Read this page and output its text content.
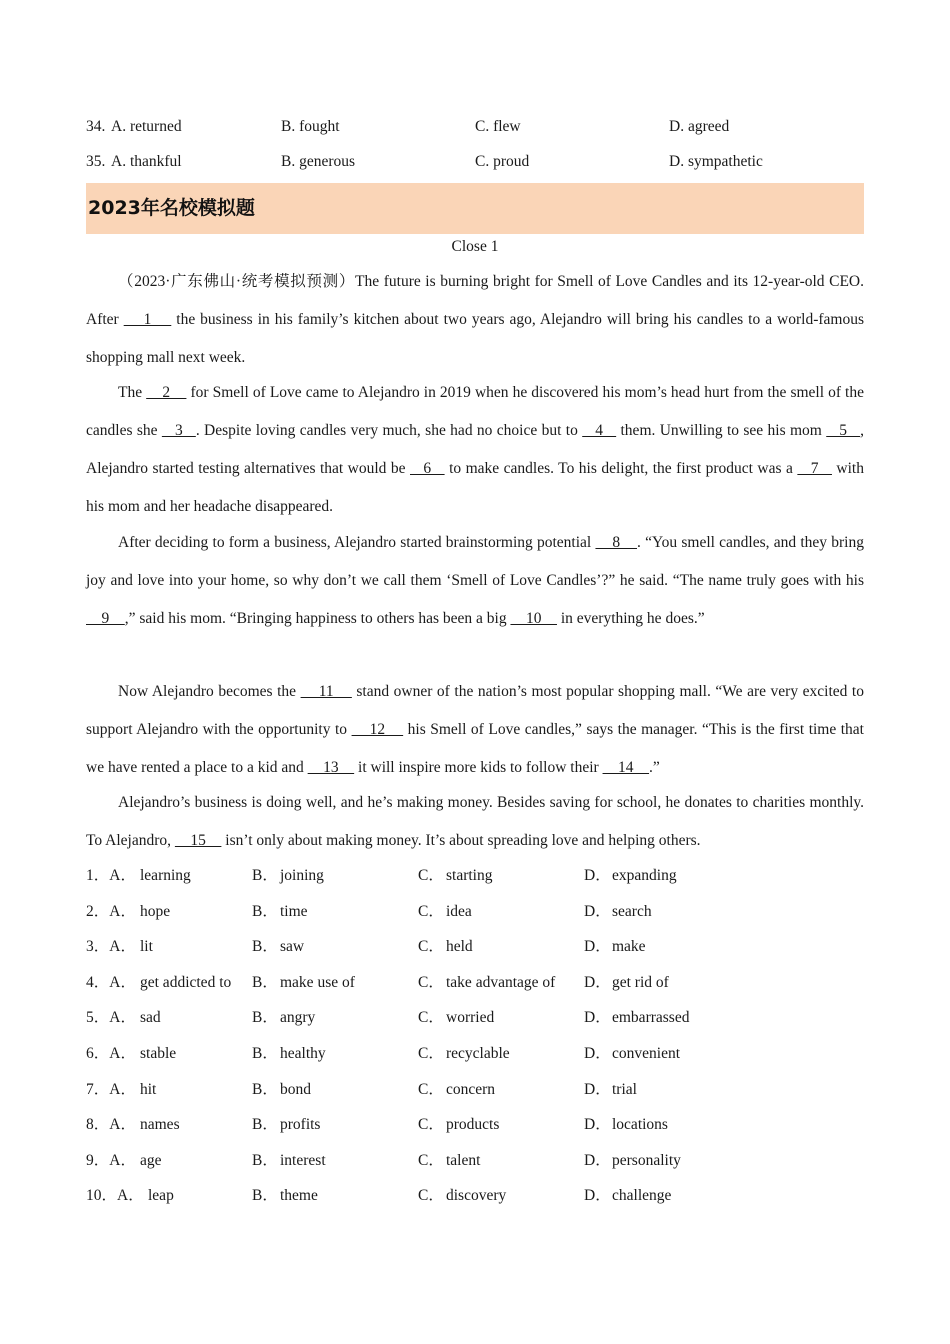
34. A. returned	B. fought	C. flew	D. agreed
35. A. thankful	B. generous	C. proud	D. sympathetic
2023年名校模拟题
Close 1

（2023·广东佛山·统考模拟预测）The future is burning bright for Smell of Love Candles and its 12-year-old CEO. After     1     the business in his family’s kitchen about two years ago, Alejandro will bring his candles to a world-famous shopping mall next week.

The     2     for Smell of Love came to Alejandro in 2019 when he discovered his mom’s head hurt from the smell of the candles she    3   . Despite loving candles very much, she had no choice but to    4    them. Unwilling to see his mom    5   , Alejandro started testing alternatives that would be    6    to make candles. To his delight, the first product was a    7    with his mom and her headache disappeared.

After deciding to form a business, Alejandro started brainstorming potential     8    . “You smell candles, and they bring joy and love into your home, so why don’t we call them ‘Smell of Love Candles’?” he said. “The name truly goes with his     9    ,” said his mom. “Bringing happiness to others has been a big     10     in everything he does.”

Now Alejandro becomes the     11     stand owner of the nation’s most popular shopping mall. “We are very excited to support Alejandro with the opportunity to     12     his Smell of Love candles,” says the manager. “This is the first time that we have rented a place to a kid and     13     it will inspire more kids to follow their     14    .”

Alejandro’s business is doing well, and he’s making money. Besides saving for school, he donates to charities monthly. To Alejandro,     15     isn’t only about making money. It’s about spreading love and helping others.

1．A． learning	B． joining	C． starting	D． expanding
2．A． hope	B． time	C． idea	D． search
3．A． lit	B． saw	C． held	D． make
4．A． get addicted to B． make use of	C． take advantage of D． get rid of
5．A． sad	B． angry	C． worried	D． embarrassed
6．A． stable	B． healthy	C． recyclable	D． convenient
7．A． hit	B． bond	C． concern	D． trial
8．A． names	B． profits	C． products	D． locations
9．A． age	B． interest	C． talent	D． personality
10．A． leap	B． theme	C． discovery	D． challenge
